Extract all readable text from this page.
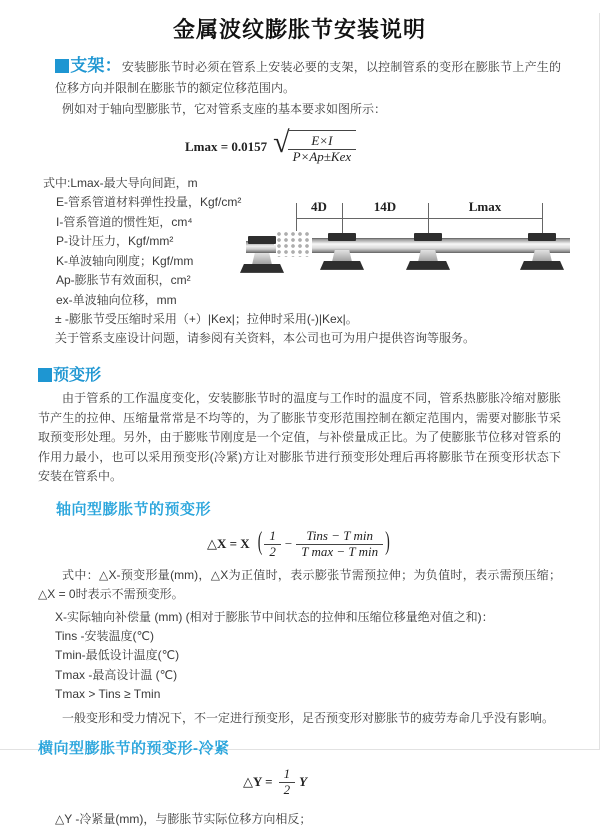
金属波纹膨胀节安装说明

支架：安装膨胀节时必须在管系上安装必要的支架，以控制管系的变形在膨胀节上产生的位移方向并限制在膨胀节的额定位移范围内。

例如对于轴向型膨胀节，它对管系支座的基本要求如图所示：

Lmax = 0.0157 √
$\frac{E\times I}{\text{P×Ap±Kex}}$
式中:Lmax-最大导向间距，m
E-管系管道材料弹性投量，Kgf/cm²
I-管系管道的惯性矩，cm⁴
P-设计压力，Kgf/mm²
K-单波轴向刚度；Kgf/mm
Ap-膨胀节有效面积，cm²
ex-单波轴向位移，mm
± -膨胀节受压缩时采用（+）|Kex|；拉伸时采用(-)|Kex|。
关于管系支座设计问题，请参阅有关资料，本公司也可为用户提供咨询等服务。
4D	14D	Lmax
预变形

由于管系的工作温度变化，安装膨胀节时的温度与工作时的温度不同，管系热膨胀冷缩对膨胀节产生的拉伸、压缩量常常是不均等的，为了膨胀节变形范围控制在额定范围内，需要对膨胀节采取预变形处理。另外，由于膨账节刚度是一个定值，与补偿量成正比。为了使膨胀节位移对管系的作用力最小，也可以采用预变形(冷紧)方让对膨胀节进行预变形处理后再将膨胀节在预变形状态下安装在管系中。

轴向型膨胀节的预变形
△X = X ( $\frac{1}{2} - \frac{\text{Tins − T min}}{\text{T max − T min}}$ )

式中：△X-预变形量(mm)，△X为正值时，表示膨张节需预拉伸；为负值时，表示需预压缩；△X = 0时表示不需预变形。

X-实际轴向补偿量 (mm) (相对于膨胀节中间状态的拉伸和压缩位移量绝对值之和)：

Tins -安装温度(℃)
Tmin-最低设计温度(℃)
Tmax -最高设计温 (℃)
Tmax > Tins ≥ Tmin

一般变形和受力情况下，不一定进行预变形，足否预变形对膨胀节的疲劳寿命几乎没有影响。

横向型膨胀节的预变形-冷紧
△Y = $\frac{1}{2}$ Y

△Y -冷紧量(mm)，与膨胀节实际位移方向相反；
